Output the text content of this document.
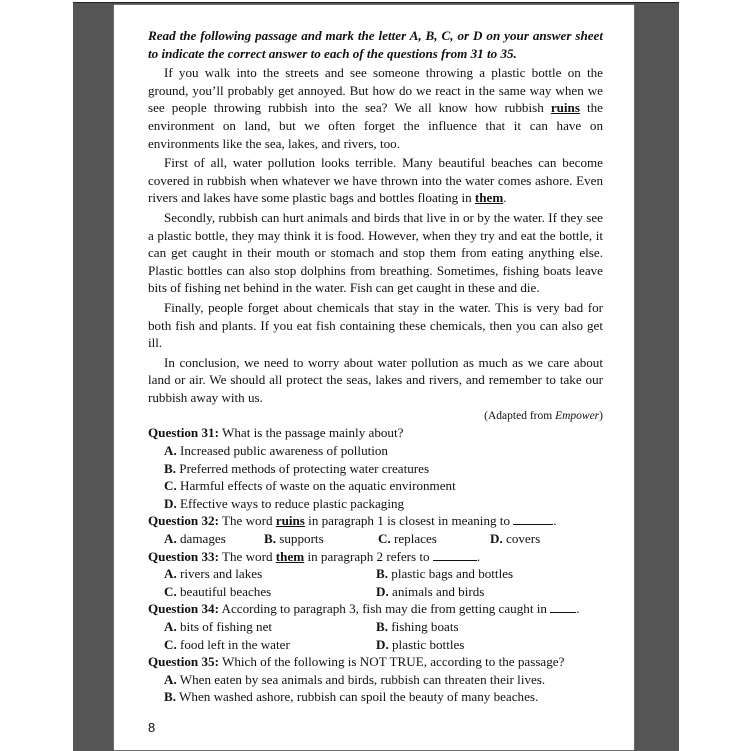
Read the following passage and mark the letter A, B, C, or D on your answer sheet to indicate the correct answer to each of the questions from 31 to 35.
If you walk into the streets and see someone throwing a plastic bottle on the ground, you’ll probably get annoyed. But how do we react in the same way when we see people throwing rubbish into the sea? We all know how rubbish ruins the environment on land, but we often forget the influence that it can have on environments like the sea, lakes, and rivers, too.
First of all, water pollution looks terrible. Many beautiful beaches can become covered in rubbish when whatever we have thrown into the water comes ashore. Even rivers and lakes have some plastic bags and bottles floating in them.
Secondly, rubbish can hurt animals and birds that live in or by the water. If they see a plastic bottle, they may think it is food. However, when they try and eat the bottle, it can get caught in their mouth or stomach and stop them from eating anything else. Plastic bottles can also stop dolphins from breathing. Sometimes, fishing boats leave bits of fishing net behind in the water. Fish can get caught in these and die.
Finally, people forget about chemicals that stay in the water. This is very bad for both fish and plants. If you eat fish containing these chemicals, then you can also get ill.
In conclusion, we need to worry about water pollution as much as we care about land or air. We should all protect the seas, lakes and rivers, and remember to take our rubbish away with us.
(Adapted from Empower)
Question 31: What is the passage mainly about?
A. Increased public awareness of pollution
B. Preferred methods of protecting water creatures
C. Harmful effects of waste on the aquatic environment
D. Effective ways to reduce plastic packaging
Question 32: The word ruins in paragraph 1 is closest in meaning to	.
A. damages	B. supports	C. replaces	D. covers
Question 33: The word them in paragraph 2 refers to	.
A. rivers and lakes	B. plastic bags and bottles
C. beautiful beaches	D. animals and birds
Question 34: According to paragraph 3, fish may die from getting caught in .
A. bits of fishing net	B. fishing boats
C. food left in the water	D. plastic bottles
Question 35: Which of the following is NOT TRUE, according to the passage?
A. When eaten by sea animals and birds, rubbish can threaten their lives.
B. When washed ashore, rubbish can spoil the beauty of many beaches.
8
